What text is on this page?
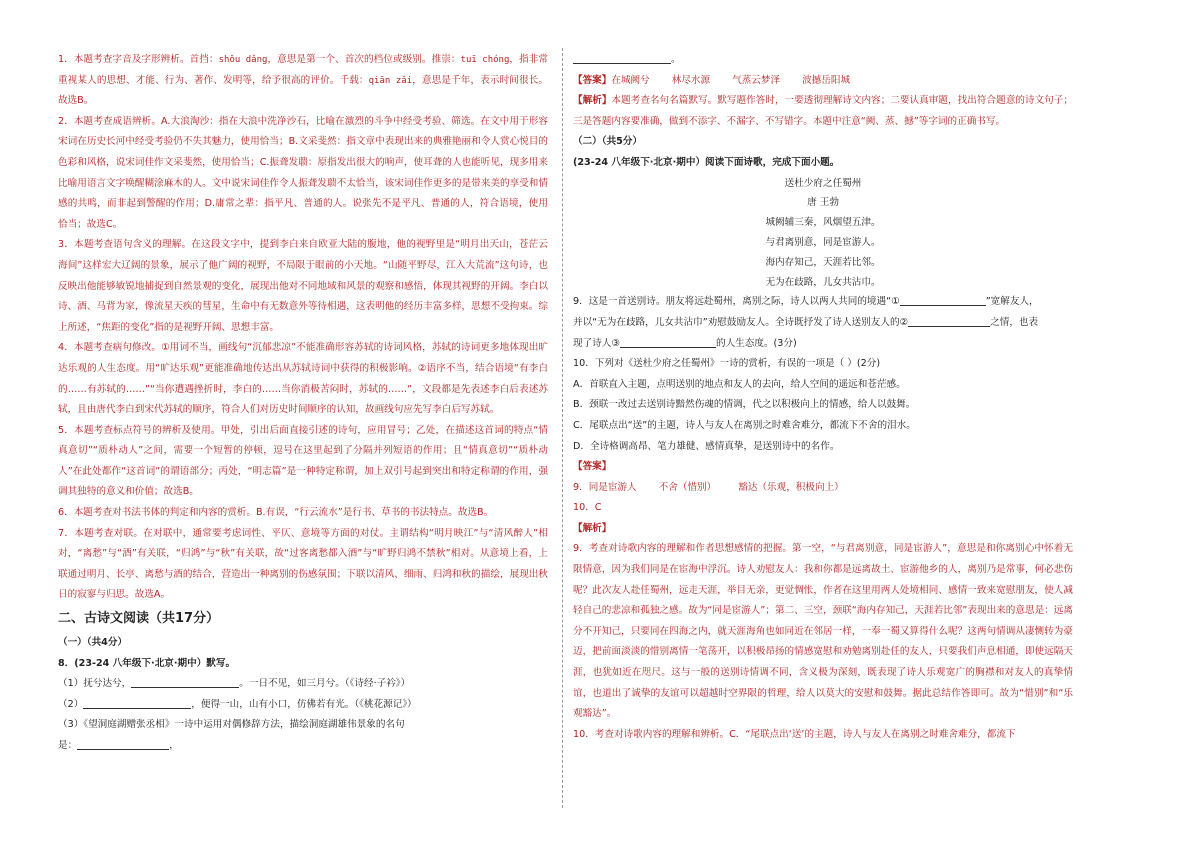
1．本题考查字音及字形辨析。首挡：shǒu dǎng，意思是第一个、首次的档位或级别。推崇：tuī chóng，指非常重视某人的思想、才能、行为、著作、发明等，给予很高的评价。千载：qiān zǎi，意思是千年，表示时间很长。故选B。

2．本题考查成语辨析。A.大浪淘沙：指在大浪中洗净沙石，比喻在激烈的斗争中经受考验、筛选。在文中用于形容宋词在历史长河中经受考验仍不失其魅力，使用恰当；B.文采斐然：指文章中表现出来的典雅艳丽和令人赏心悦目的色彩和风格，说宋词佳作文采斐然，使用恰当；C.振聋发聩：原指发出很大的响声，使耳聋的人也能听见，现多用来比喻用语言文字唤醒糊涂麻木的人。文中说宋词佳作令人振聋发聩不太恰当，该宋词佳作更多的是带来美的享受和情感的共鸣，而非起到警醒的作用；D.庸常之辈：指平凡、普通的人。说张先不是平凡、普通的人，符合语境，使用恰当；故选C。

3．本题考查语句含义的理解。在这段文字中，提到李白来自欧亚大陆的腹地，他的视野里是“明月出天山，苍茫云海间”这样宏大辽阔的景象，展示了他广阔的视野，不局限于眼前的小天地。“山随平野尽，江入大荒流”这句诗，也反映出他能够敏锐地捕捉到自然景观的变化，展现出他对不同地域和风景的观察和感悟，体现其视野的开阔。李白以诗、酒、马背为家，像流星天疾的彗星，生命中有无数意外等待相遇，这表明他的经历丰富多样，思想不受拘束。综上所述，“焦距的变化”指的是视野开阔、思想丰富。

4．本题考查病句修改。①用词不当，画线句“沉郁悲凉”不能准确形容苏轼的诗词风格，苏轼的诗词更多地体现出旷达乐观的人生态度。用“旷达乐观”更能准确地传达出从苏轼诗词中获得的积极影响。②语序不当，结合语境“有李白的……有苏轼的……”“当你遭遇挫折时，李白的……当你消极苦闷时，苏轼的……”，文段都是先表述李白后表述苏轼，且由唐代李白到宋代苏轼的顺序，符合人们对历史时间顺序的认知，故画线句应先写李白后写苏轼。

5．本题考查标点符号的辨析及使用。甲处，引出后面直接引述的诗句，应用冒号；乙处，在描述这首词的特点“情真意切”“质朴动人”之间，需要一个短暂的停顿，逗号在这里起到了分隔并列短语的作用；且“情真意切”“质朴动人”在此处都作“这首词”的谓语部分；丙处，“明志篇”是一种特定称谓，加上双引号起到突出和特定称谓的作用，强调其独特的意义和价值；故选B。

6．本题考查对书法书体的判定和内容的赏析。B.有误，“行云流水”是行书、草书的书法特点。故选B。

7．本题考查对联。在对联中，通常要考虑词性、平仄、意境等方面的对仗。主谓结构“明月映江”与“清风醉人”相对，“离愁”与“酒”有关联，“归鸿”与“秋”有关联，故“过客离愁都入酒”与“旷野归鸿不禁秋”相对。从意境上看，上联通过明月、长亭、离愁与酒的结合，营造出一种离别的伤感氛围；下联以清风、细雨、归鸿和秋的描绘，展现出秋日的寂寥与归思。故选A。

二、古诗文阅读（共17分）
（一）（共4分）
8．(23-24 八年级下·北京·期中）默写。
（1）抚兮达兮，	。一日不见，如三月兮。（《诗经·子衿》）
（2）	，便得一山，山有小口，仿佛若有光。（《桃花源记》）
（3）《望洞庭湖赠张丞相》一诗中运用对偶修辞方法，描绘洞庭湖雄伟景象的名句
是：	，
。
【答案】在城阙兮 林尽水源 气蒸云梦泽 波撼岳阳城

【解析】本题考查名句名篇默写。默写题作答时，一要透彻理解诗文内容；二要认真审题，找出符合题意的诗文句子；三是答题内容要准确，做到不添字、不漏字、不写错字。本题中注意“阙、蒸、撼”等字词的正确书写。

（二）（共5分）
(23-24 八年级下·北京·期中）阅读下面诗歌，完成下面小题。
送杜少府之任蜀州
唐 王勃
城阙辅三秦，风烟望五津。
与君离别意，同是宦游人。
海内存知己，天涯若比邻。
无为在歧路，儿女共沾巾。

9．这是一首送别诗。朋友将远赴蜀州，离别之际，诗人以两人共同的境遇“①	”宽解友人，
并以“无为在歧路，儿女共沾巾”劝慰鼓励友人。全诗既抒发了诗人送别友人的②	之情，也表
现了诗人③	的人生态度。(3分)

10．下列对《送杜少府之任蜀州》一诗的赏析，有误的一项是（ ）(2分)
A．首联直入主题，点明送别的地点和友人的去向，给人空间的遥远和苍茫感。
B．颈联一改过去送别诗黯然伤魂的情调，代之以积极向上的情感，给人以鼓舞。
C．尾联点出“送”的主题，诗人与友人在离别之时难舍难分，都流下不舍的泪水。
D．全诗格调高昂、笔力雄健、感情真挚，是送别诗中的名作。
【答案】
9．同是宦游人 不舍（惜别） 豁达（乐观，积极向上）
10．C
【解析】

9．考查对诗歌内容的理解和作者思想感情的把握。第一空，“与君离别意，同是宦游人”，意思是和你离别心中怀着无限情意，因为我们同是在宦海中浮沉。诗人劝慰友人：我和你都是远离故土、宦游他乡的人，离别乃是常事，何必悲伤呢？此次友人赴任蜀州，远走天涯，举目无亲，更觉惆怅，作者在这里用两人处境相同、感情一致来宽慰朋友，使人减轻自己的悲凉和孤独之感。故为“同是宦游人”；第二、三空，颈联“海内存知己，天涯若比邻”表现出来的意思是：远离分不开知己，只要同在四海之内，就天涯海角也如同近在邻居一样，一奉一蜀又算得什么呢？这两句情调从凄恻转为豪迈，把前面淡淡的惜别离情一笔荡开，以积极昂扬的情感宽慰和劝勉离别赴任的友人，只要我们声息相通，即使远隔天涯，也犹如近在咫尺。这与一般的送别诗情调不同，含义极为深刻，既表现了诗人乐观宽广的胸襟和对友人的真挚情谊，也道出了诚挚的友谊可以超越时空界限的哲理，给人以莫大的安慰和鼓舞。据此总结作答即可。故为“惜别”和“乐观豁达”。

10．考查对诗歌内容的理解和辨析。C．“尾联点出‘送’的主题，诗人与友人在离别之时难舍难分，都流下
